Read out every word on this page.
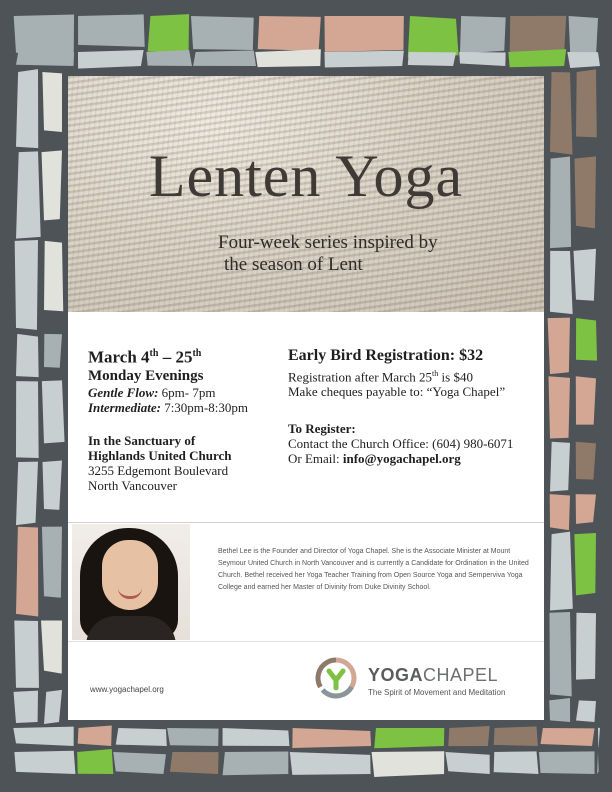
Lenten Yoga

Four-week series inspired by
the season of Lent

March 4th – 25th
Monday Evenings
Gentle Flow: 6pm- 7pm
Intermediate: 7:30pm-8:30pm
In the Sanctuary of
Highlands United Church
3255 Edgemont Boulevard
North Vancouver
Early Bird Registration: $32
Registration after March 25th is $40
Make cheques payable to: “Yoga Chapel”
To Register:
Contact the Church Office: (604) 980-6071
Or Email: info@yogachapel.org

Bethel Lee is the Founder and Director of Yoga Chapel. She is the Associate Minister at Mount Seymour United Church in North Vancouver and is currently a Candidate for Ordination in the United Church. Bethel received her Yoga Teacher Training from Open Source Yoga and Semperviva Yoga College and earned her Master of Divinity from Duke Divinity School.

www.yogachapel.org
YOGACHAPEL
The Spirit of Movement and Meditation
